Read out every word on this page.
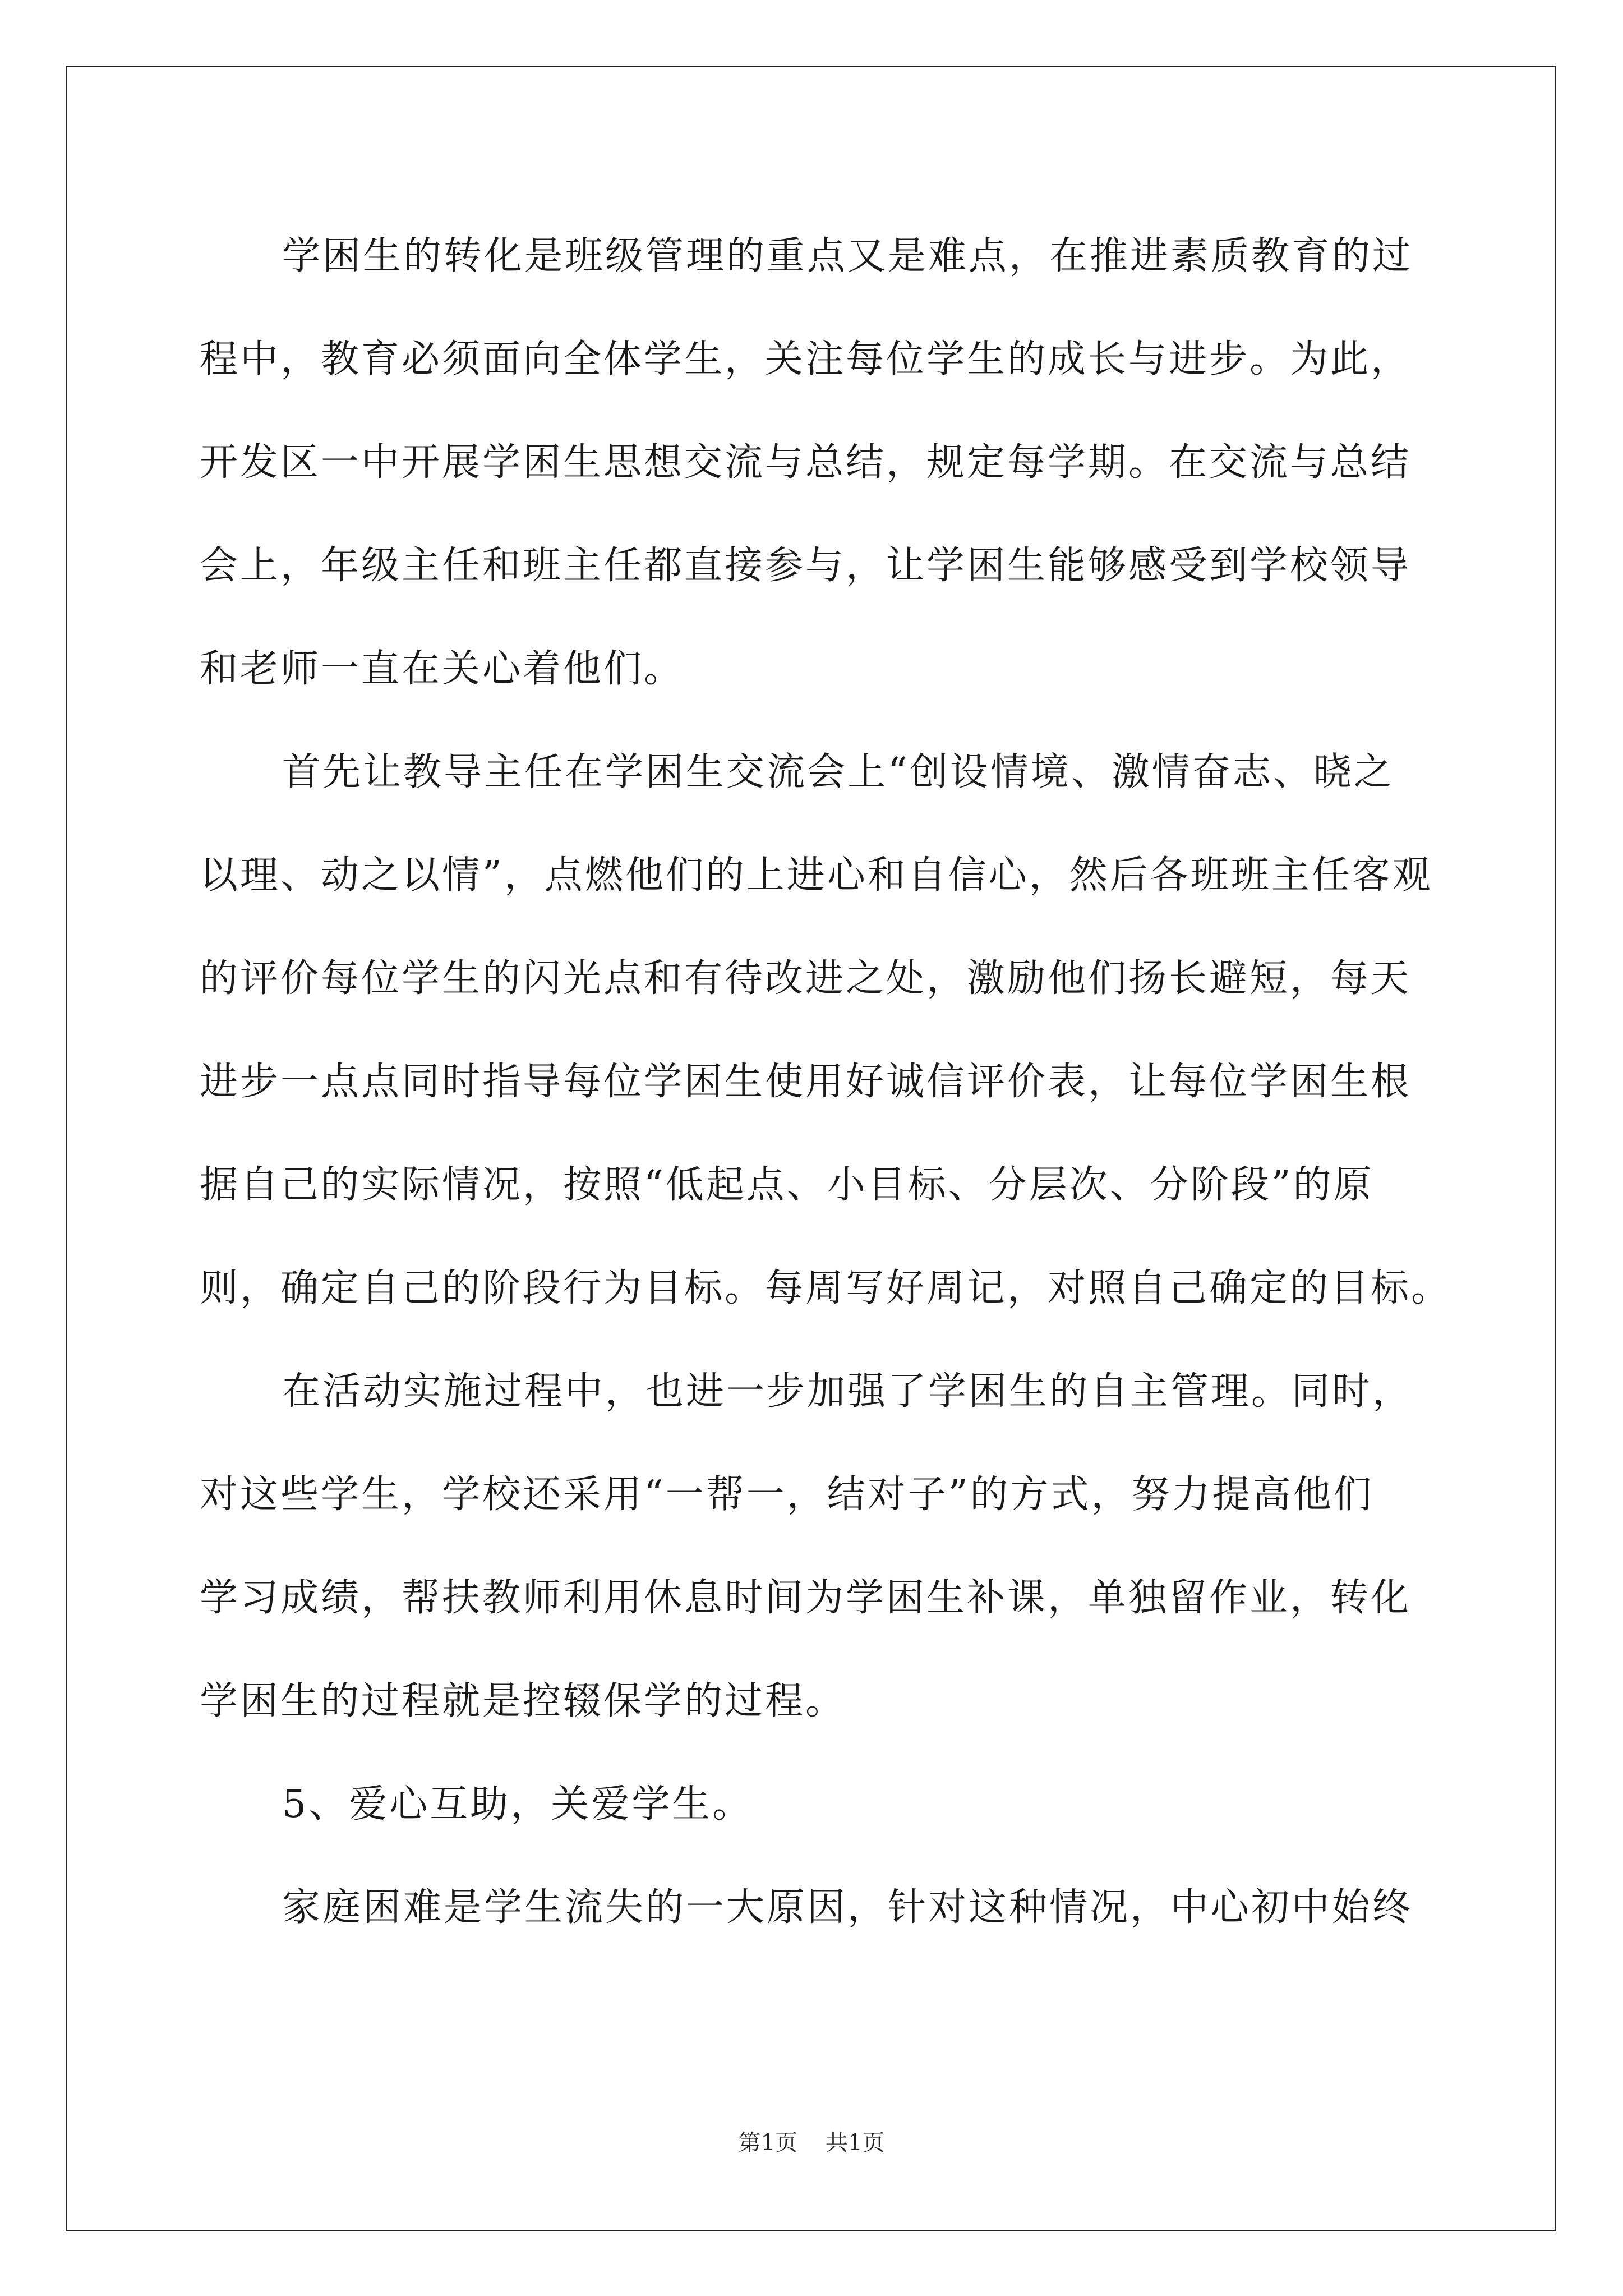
学困生的转化是班级管理的重点又是难点，在推进素质教育的过
程中，教育必须面向全体学生，关注每位学生的成长与进步。为此，
开发区一中开展学困生思想交流与总结，规定每学期。在交流与总结
会上，年级主任和班主任都直接参与，让学困生能够感受到学校领导
和老师一直在关心着他们。
首先让教导主任在学困生交流会上“创设情境、激情奋志、晓之
以理、动之以情”，点燃他们的上进心和自信心，然后各班班主任客观
的评价每位学生的闪光点和有待改进之处，激励他们扬长避短，每天
进步一点点同时指导每位学困生使用好诚信评价表，让每位学困生根
据自己的实际情况，按照“低起点、小目标、分层次、分阶段”的原
则，确定自己的阶段行为目标。每周写好周记，对照自己确定的目标。
在活动实施过程中，也进一步加强了学困生的自主管理。同时，
对这些学生，学校还采用“一帮一，结对子”的方式，努力提高他们
学习成绩，帮扶教师利用休息时间为学困生补课，单独留作业，转化
学困生的过程就是控辍保学的过程。
5、爱心互助，关爱学生。
家庭困难是学生流失的一大原因，针对这种情况，中心初中始终
第1页 共1页
